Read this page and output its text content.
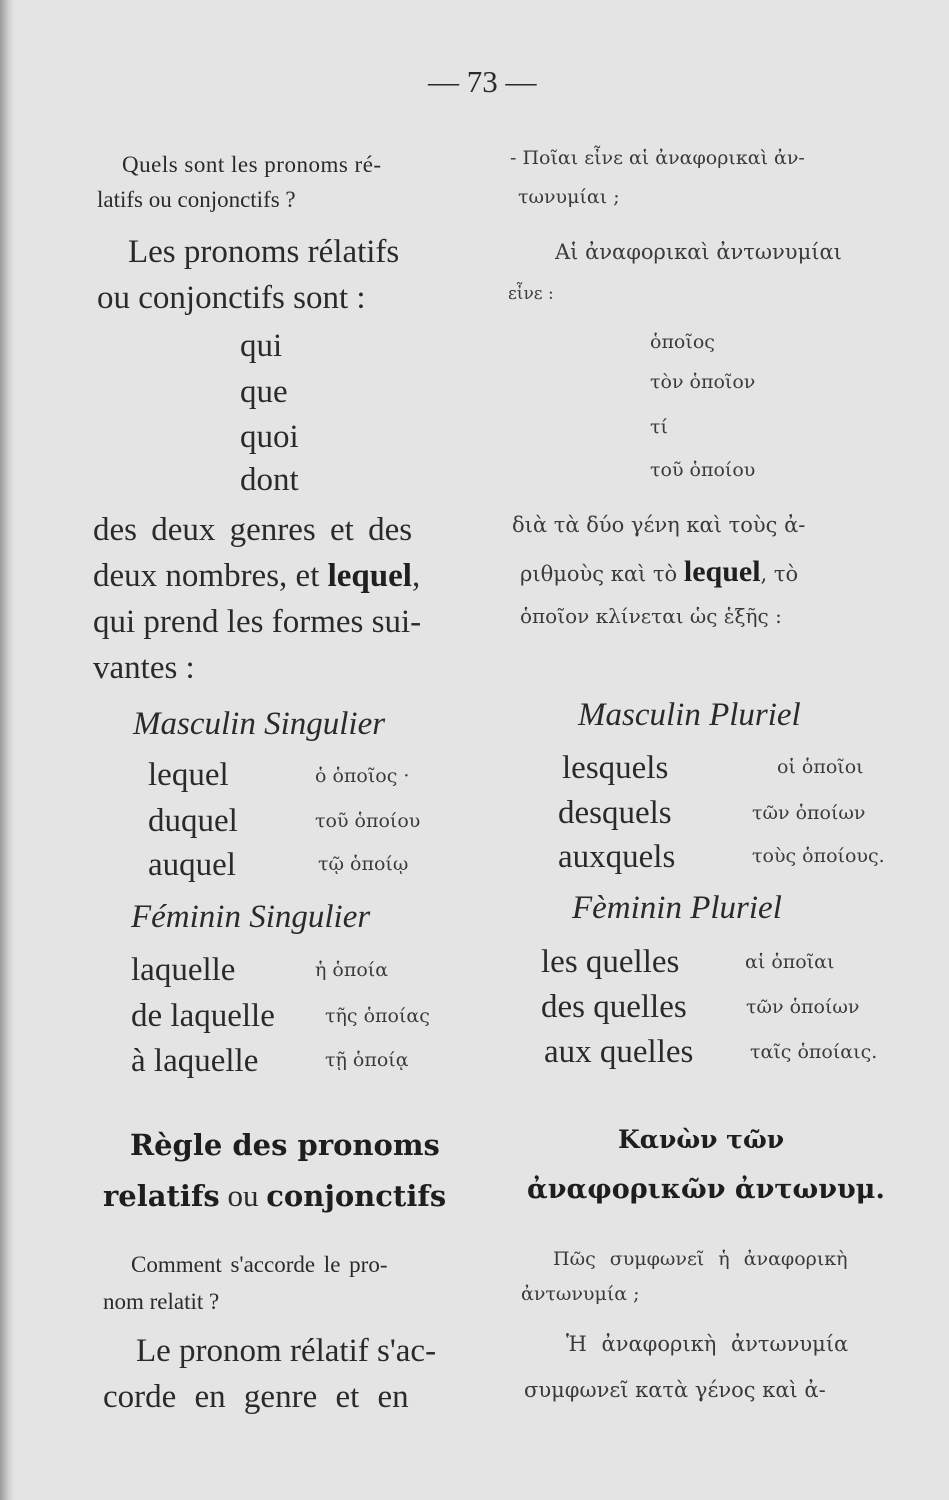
— 73 —
Quels sont les pronoms ré-
latifs ou conjonctifs ?
- Ποῖαι εἶνε αἱ ἀναφορικαὶ ἀν-
τωνυμίαι ;
Les pronoms rélatifs
ou conjonctifs sont :
Αἱ ἀναφορικαὶ ἀντωνυμίαι
εἶνε :
qui
que
quoi
dont
ὁποῖος
τὸν ὁποῖον
τί
τοῦ ὁποίου
des deux genres et des
deux nombres, et lequel,
qui prend les formes sui-
vantes :
διὰ τὰ δύο γένη καὶ τοὺς ἀ-
ριθμοὺς καὶ τὸ lequel, τὸ
ὁποῖον κλίνεται ὡς ἑξῆς :
Masculin Singulier
lequel
duquel
auquel
ὁ ὁποῖος ·
τοῦ ὁποίου
τῷ ὁποίῳ
Masculin Pluriel
lesquels
desquels
auxquels
οἱ ὁποῖοι
τῶν ὁποίων
τοὺς ὁποίους.
Féminin Singulier
laquelle
de laquelle
à laquelle
ἡ ὁποία
τῆς ὁποίας
τῇ ὁποίᾳ
Fèminin Pluriel
les quelles
des quelles
aux quelles
αἱ ὁποῖαι
τῶν ὁποίων
ταῖς ὁποίαις.
Règle des pronoms
relatifs ou conjonctifs
Κανὼν τῶν
ἀναφορικῶν ἀντωνυμ.
Comment s'accorde le pro-
nom relatit ?
Πῶς συμφωνεῖ ἡ ἀναφορικὴ
ἀντωνυμία ;
Le pronom rélatif s'ac-
corde en genre et en
Ἡ ἀναφορικὴ ἀντωνυμία
συμφωνεῖ κατὰ γένος καὶ ἀ-
